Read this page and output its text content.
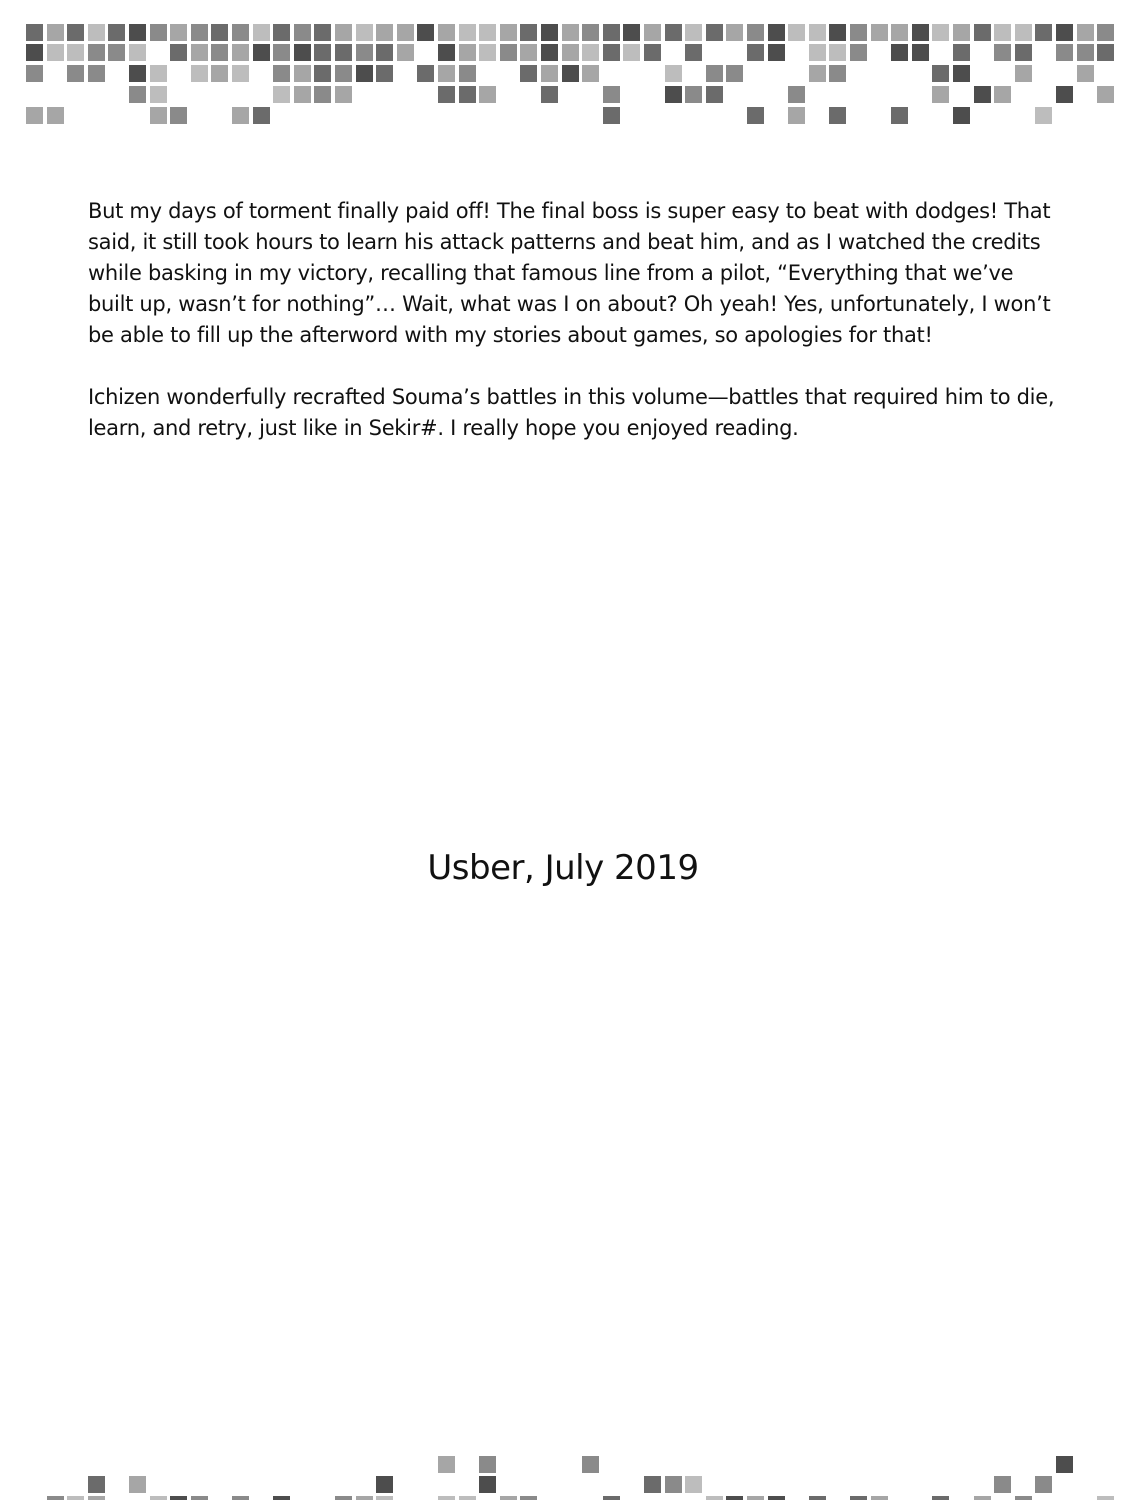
But my days of torment finally paid off! The final boss is super easy to beat with dodges! That said, it still took hours to learn his attack patterns and beat him, and as I watched the credits while basking in my victory, recalling that famous line from a pilot, “Everything that we’ve built up, wasn’t for nothing”… Wait, what was I on about? Oh yeah! Yes, unfortunately, I won’t be able to fill up the afterword with my stories about games, so apologies for that!

Ichizen wonderfully recrafted Souma’s battles in this volume—battles that required him to die, learn, and retry, just like in Sekir#. I really hope you enjoyed reading.

Usber, July 2019
